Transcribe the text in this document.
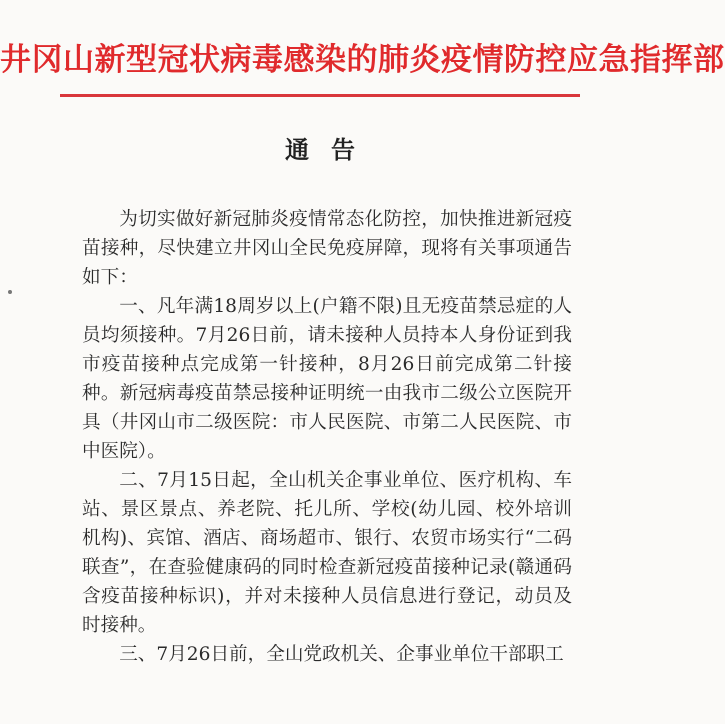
井冈山新型冠状病毒感染的肺炎疫情防控应急指挥部
通告

为切实做好新冠肺炎疫情常态化防控，加快推进新冠疫苗接种，尽快建立井冈山全民免疫屏障，现将有关事项通告如下：

一、凡年满18周岁以上(户籍不限)且无疫苗禁忌症的人员均须接种。7月26日前，请未接种人员持本人身份证到我市疫苗接种点完成第一针接种，8月26日前完成第二针接种。新冠病毒疫苗禁忌接种证明统一由我市二级公立医院开具（井冈山市二级医院：市人民医院、市第二人民医院、市中医院）。

二、7月15日起，全山机关企事业单位、医疗机构、车站、景区景点、养老院、托儿所、学校(幼儿园、校外培训机构)、宾馆、酒店、商场超市、银行、农贸市场实行“二码联查”，在查验健康码的同时检查新冠疫苗接种记录(赣通码含疫苗接种标识)，并对未接种人员信息进行登记，动员及时接种。

三、7月26日前，全山党政机关、企事业单位干部职工
